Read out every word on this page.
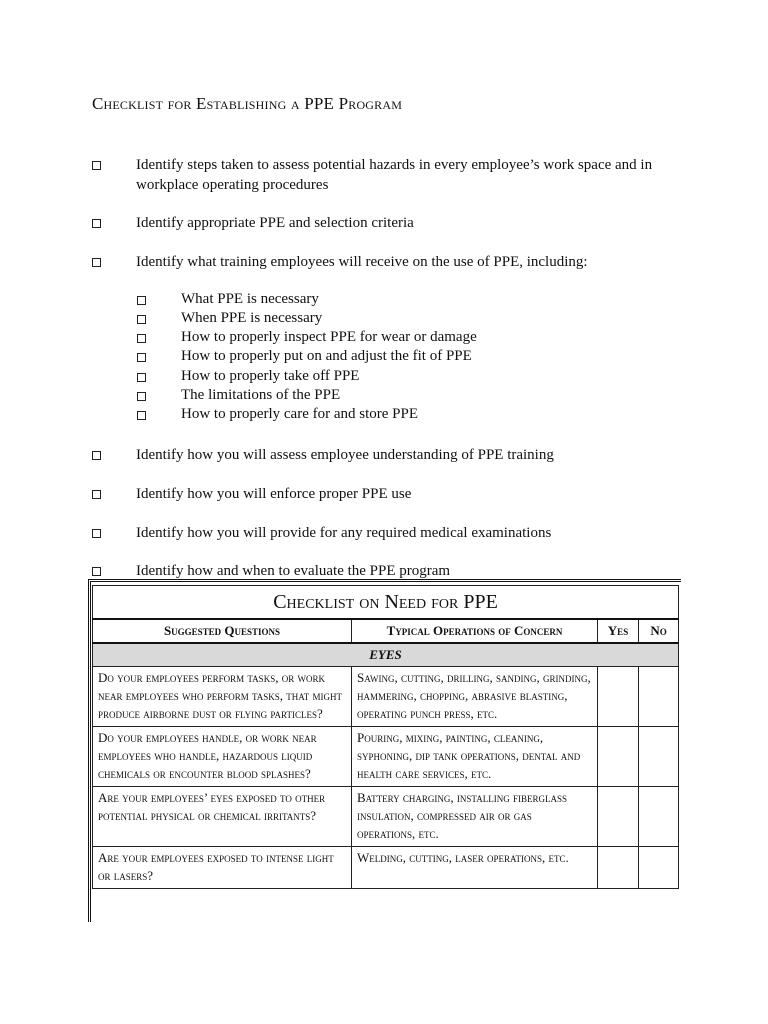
Checklist for Establishing a PPE Program

Identify steps taken to assess potential hazards in every employee’s work space and in workplace operating procedures

Identify appropriate PPE and selection criteria

Identify what training employees will receive on the use of PPE, including:

What PPE is necessary

When PPE is necessary

How to properly inspect PPE for wear or damage

How to properly put on and adjust the fit of PPE

How to properly take off PPE

The limitations of the PPE

How to properly care for and store PPE

Identify how you will assess employee understanding of PPE training

Identify how you will enforce proper PPE use

Identify how you will provide for any required medical examinations

Identify how and when to evaluate the PPE program

Checklist on Need for PPE			
Suggested Questions	Typical Operations of Concern	Yes	No
EYES			
Do your employees perform tasks, or work near employees who perform tasks, that might produce airborne dust or flying particles?	Sawing, cutting, drilling, sanding, grinding, hammering, chopping, abrasive blasting, operating punch press, etc.		
Do your employees handle, or work near employees who handle, hazardous liquid chemicals or encounter blood splashes?	Pouring, mixing, painting, cleaning, syphoning, dip tank operations, dental and health care services, etc.		
Are your employees’ eyes exposed to other potential physical or chemical irritants?	Battery charging, installing fiberglass insulation, compressed air or gas operations, etc.		
Are your employees exposed to intense light or lasers?	Welding, cutting, laser operations, etc.		
